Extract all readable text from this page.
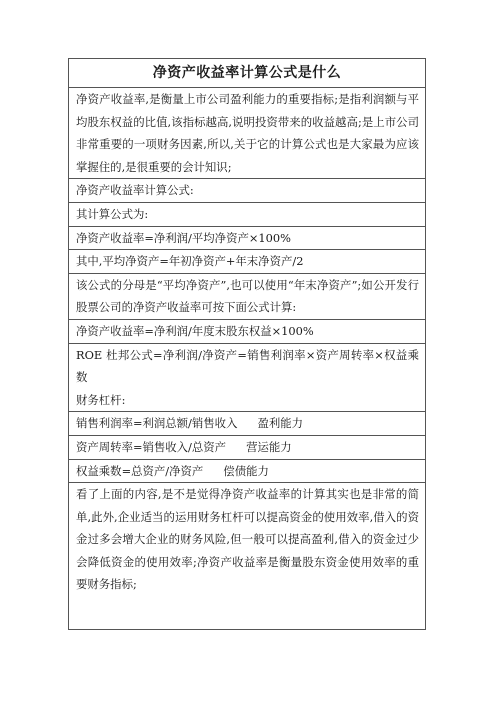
净资产收益率计算公式是什么
净资产收益率,是衡量上市公司盈利能力的重要指标;是指利润额与平均股东权益的比值,该指标越高,说明投资带来的收益越高;是上市公司非常重要的一项财务因素,所以,关于它的计算公式也是大家最为应该掌握住的,是很重要的会计知识;
净资产收益率计算公式:
其计算公式为:
净资产收益率=净利润/平均净资产×100%
其中,平均净资产=年初净资产+年末净资产/2
该公式的分母是“平均净资产”,也可以使用“年末净资产”;如公开发行股票公司的净资产收益率可按下面公式计算:
净资产收益率=净利润/年度末股东权益×100%
ROE 杜邦公式=净利润/净资产=销售利润率×资产周转率×权益乘数
财务杠杆:
销售利润率=利润总额/销售收入 盈利能力
资产周转率=销售收入/总资产 营运能力
权益乘数=总资产/净资产 偿债能力
看了上面的内容,是不是觉得净资产收益率的计算其实也是非常的简单,此外,企业适当的运用财务杠杆可以提高资金的使用效率,借入的资金过多会增大企业的财务风险,但一般可以提高盈利,借入的资金过少会降低资金的使用效率;净资产收益率是衡量股东资金使用效率的重要财务指标;
